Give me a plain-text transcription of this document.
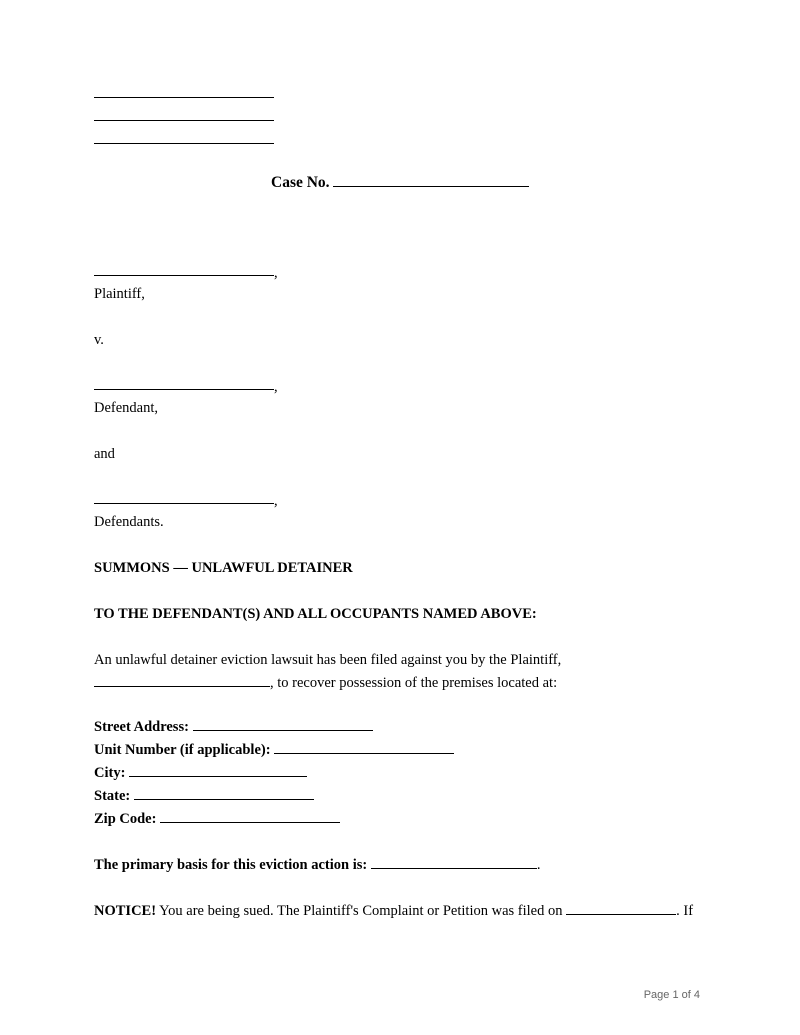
Case No.
,
Plaintiff,
v.
,
Defendant,
and
,
Defendants.
SUMMONS — UNLAWFUL DETAINER
TO THE DEFENDANT(S) AND ALL OCCUPANTS NAMED ABOVE:
An unlawful detainer eviction lawsuit has been filed against you by the Plaintiff,
, to recover possession of the premises located at:
Street Address:
Unit Number (if applicable):
City:
State:
Zip Code:
The primary basis for this eviction action is:	.
NOTICE! You are being sued. The Plaintiff's Complaint or Petition was filed on	. If
Page 1 of 4
